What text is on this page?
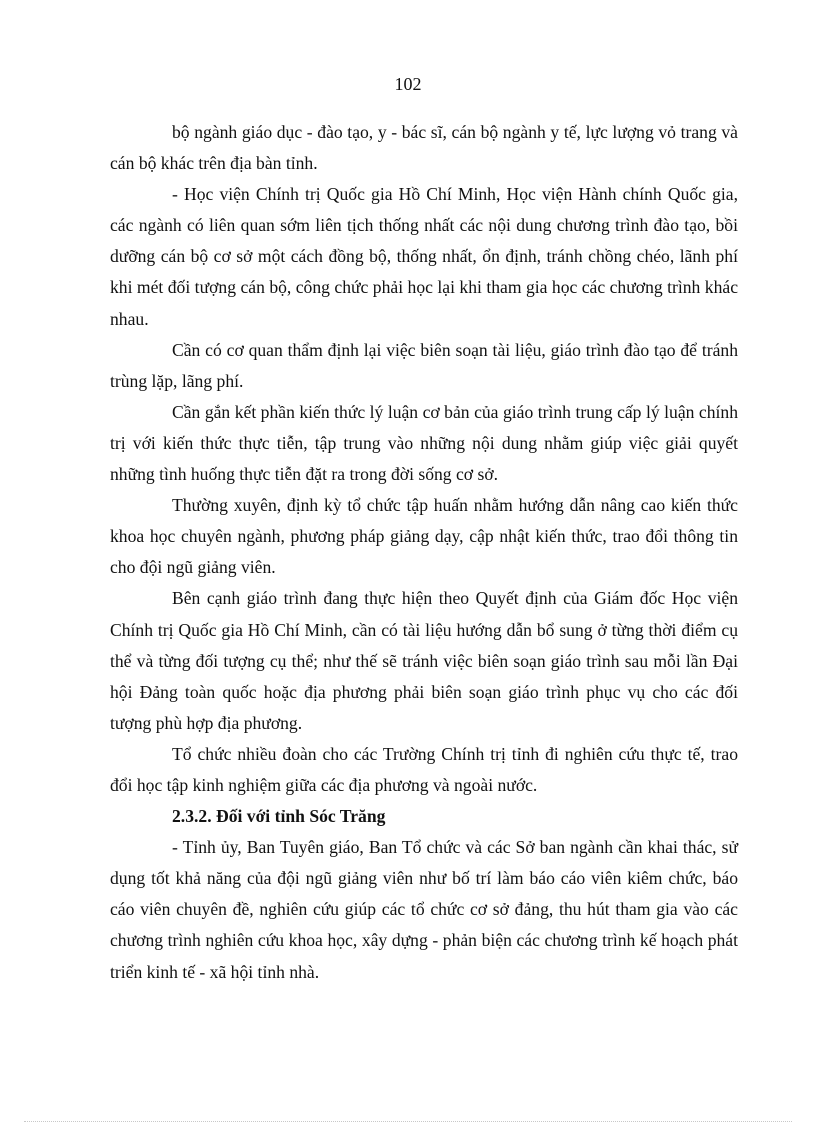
102

bộ ngành giáo dục - đào tạo, y - bác sĩ, cán bộ ngành y tế, lực lượng vỏ trang và cán bộ khác trên địa bàn tỉnh.

- Học viện Chính trị Quốc gia Hồ Chí Minh, Học viện Hành chính Quốc gia, các ngành có liên quan sớm liên tịch thống nhất các nội dung chương trình đào tạo, bồi dưỡng cán bộ cơ sở một cách đồng bộ, thống nhất, ổn định, tránh chồng chéo, lãnh phí khi mét đối tượng cán bộ, công chức phải học lại khi tham gia học các chương trình khác nhau.

Cần có cơ quan thẩm định lại việc biên soạn tài liệu, giáo trình đào tạo để tránh trùng lặp, lãng phí.

Cần gắn kết phần kiến thức lý luận cơ bản của giáo trình trung cấp lý luận chính trị với kiến thức thực tiễn, tập trung vào những nội dung nhằm giúp việc giải quyết những tình huống thực tiễn đặt ra trong đời sống cơ sở.

Thường xuyên, định kỳ tổ chức tập huấn nhằm hướng dẫn nâng cao kiến thức khoa học chuyên ngành, phương pháp giảng dạy, cập nhật kiến thức, trao đổi thông tin cho đội ngũ giảng viên.

Bên cạnh giáo trình đang thực hiện theo Quyết định của Giám đốc Học viện Chính trị Quốc gia Hồ Chí Minh, cần có tài liệu hướng dẫn bổ sung ở từng thời điểm cụ thể và từng đối tượng cụ thể; như thế sẽ tránh việc biên soạn giáo trình sau mỗi lần Đại hội Đảng toàn quốc hoặc địa phương phải biên soạn giáo trình phục vụ cho các đối tượng phù hợp địa phương.

Tổ chức nhiều đoàn cho các Trường Chính trị tỉnh đi nghiên cứu thực tế, trao đổi học tập kinh nghiệm giữa các địa phương và ngoài nước.

2.3.2. Đối với tỉnh Sóc Trăng

- Tỉnh ủy, Ban Tuyên giáo, Ban Tổ chức và các Sở ban ngành cần khai thác, sử dụng tốt khả năng của đội ngũ giảng viên như bố trí làm báo cáo viên kiêm chức, báo cáo viên chuyên đề, nghiên cứu giúp các tổ chức cơ sở đảng, thu hút tham gia vào các chương trình nghiên cứu khoa học, xây dựng - phản biện các chương trình kế hoạch phát triển kinh tế - xã hội tỉnh nhà.
